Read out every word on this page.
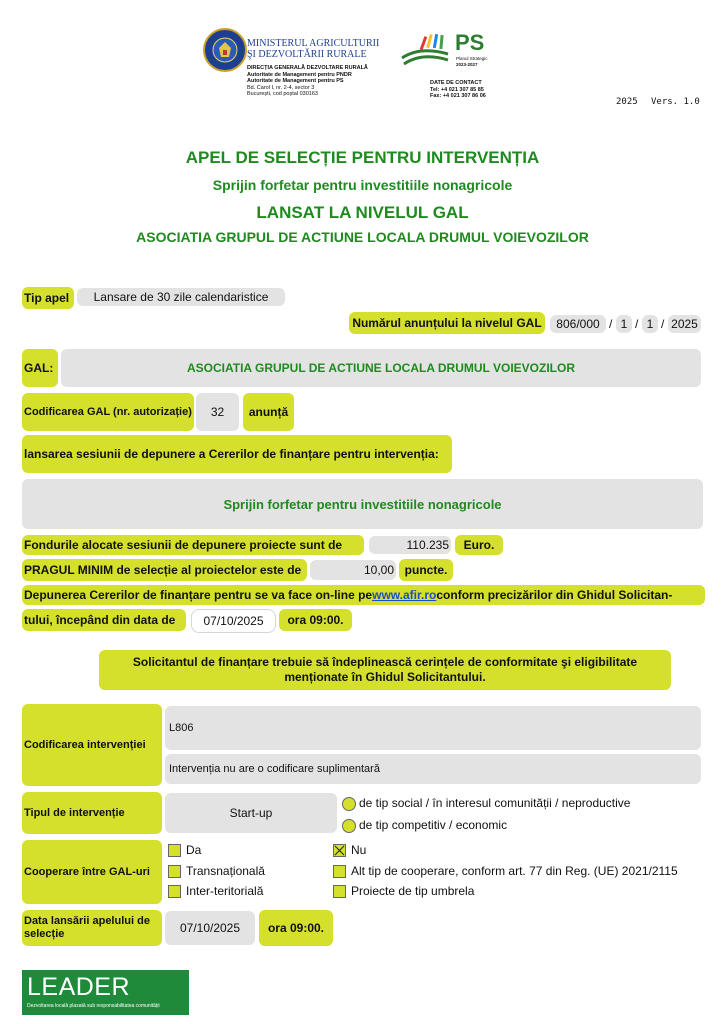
MINISTERUL AGRICULTURII
ŞI DEZVOLTĂRII RURALE
DIRECȚIA GENERALĂ DEZVOLTARE RURALĂ
Autoritate de Management pentru PNDR
Autoritate de Management pentru PS
Bd. Carol I, nr. 2-4, sector 3
București, cod poștal 030163
PS
Planul Strategic
2023-2027
DATE DE CONTACT
Tel: +4 021 307 85 85
Fax: +4 021 307 86 06
2025 Vers. 1.0
APEL DE SELECȚIE PENTRU INTERVENȚIA
Sprijin forfetar pentru investitiile nonagricole
LANSAT LA NIVELUL GAL
ASOCIATIA GRUPUL DE ACTIUNE LOCALA DRUMUL VOIEVOZILOR
Tip apel	Lansare de 30 zile calendaristice
Numărul anunțului la nivelul GAL	806/000 / 1 / 1 / 2025
GAL:	ASOCIATIA GRUPUL DE ACTIUNE LOCALA DRUMUL VOIEVOZILOR
Codificarea GAL (nr. autorizație)	32	anunță
lansarea sesiunii de depunere a Cererilor de finanțare pentru intervenția:
Sprijin forfetar pentru investitiile nonagricole
Fondurile alocate sesiunii de depunere proiecte sunt de	110.235	Euro.
PRAGUL MINIM de selecție al proiectelor este de	10,00 puncte.
Depunerea Cererilor de finanțare pentru se va face on-line pe www.afir.ro conform precizărilor din Ghidul Solicitan-
tului, începând din data de	07/10/2025	ora 09:00.
Solicitantul de finanțare trebuie să îndeplinească cerințele de conformitate şi eligibilitate
menționate în Ghidul Solicitantului.
Codificarea intervenției
L806
Intervenția nu are o codificare suplimentară
Tipul de intervenție	Start-up
de tip social / în interesul comunității / neproductive
de tip competitiv / economic
Cooperare între GAL-uri
Da	Nu
Transnațională	Alt tip de cooperare, conform art. 77 din Reg. (UE) 2021/2115
Inter-teritorială	Proiecte de tip umbrela
Data lansării apelului de selecție	07/10/2025	ora 09:00.
LEADER
Dezvoltarea locală plasată sub responsabilitatea comunității
